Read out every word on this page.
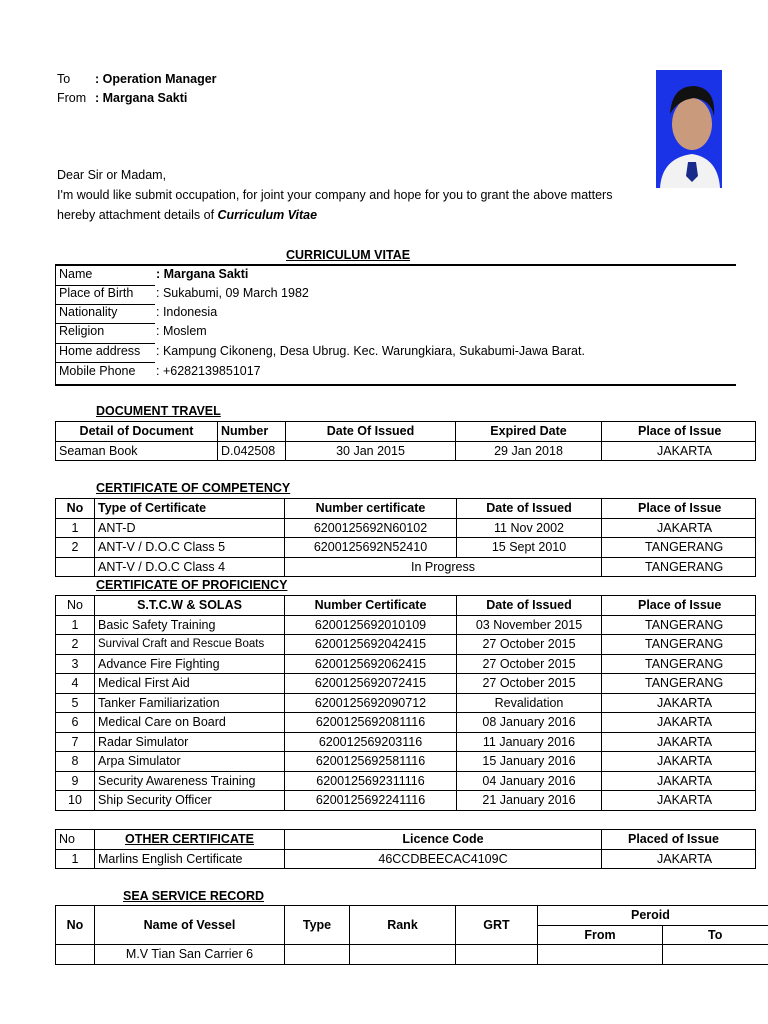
To : Operation Manager
From : Margana Sakti
Dear Sir or Madam,
I'm would like submit occupation, for joint your company and hope for you to grant the above matters
hereby attachment details of Curriculum Vitae
CURRICULUM VITAE
Name	: Margana Sakti
Place of Birth : Sukabumi, 09 March 1982
Nationality	: Indonesia
Religion	: Moslem
Home address : Kampung Cikoneng, Desa Ubrug. Kec. Warungkiara, Sukabumi-Jawa Barat.
Mobile Phone : +6282139851017
DOCUMENT TRAVEL
Detail of Document	Number	Date Of Issued	Expired Date	Place of Issue
Seaman Book	D.042508	30 Jan 2015	29 Jan 2018	JAKARTA
CERTIFICATE OF COMPETENCY
No	Type of Certificate	Number certificate	Date of Issued	Place of Issue
1	ANT-D	6200125692N60102	11 Nov 2002	JAKARTA
2	ANT-V / D.O.C Class 5	6200125692N52410	15 Sept 2010	TANGERANG
	ANT-V / D.O.C Class 4	In Progress		TANGERANG
CERTIFICATE OF PROFICIENCY
No	S.T.C.W & SOLAS	Number Certificate	Date of Issued	Place of Issue
1	Basic Safety Training	6200125692010109	03 November 2015	TANGERANG
2	Survival Craft and Rescue Boats	6200125692042415	27 October 2015	TANGERANG
3	Advance Fire Fighting	6200125692062415	27 October 2015	TANGERANG
4	Medical First Aid	6200125692072415	27 October 2015	TANGERANG
5	Tanker Familiarization	6200125692090712	Revalidation	JAKARTA
6	Medical Care on Board	6200125692081116	08 January 2016	JAKARTA
7	Radar Simulator	620012569203116	11 January 2016	JAKARTA
8	Arpa Simulator	6200125692581116	15 January 2016	JAKARTA
9	Security Awareness Training	6200125692311116	04 January 2016	JAKARTA
10	Ship Security Officer	6200125692241116	21 January 2016	JAKARTA
No	OTHER CERTIFICATE	Licence Code	Placed of Issue
1	Marlins English Certificate	46CCDBEECAC4109C	JAKARTA
SEA SERVICE RECORD
No	Name of Vessel	Type	Rank	GRT	Peroid	
					From	To
	M.V Tian San Carrier 6					
